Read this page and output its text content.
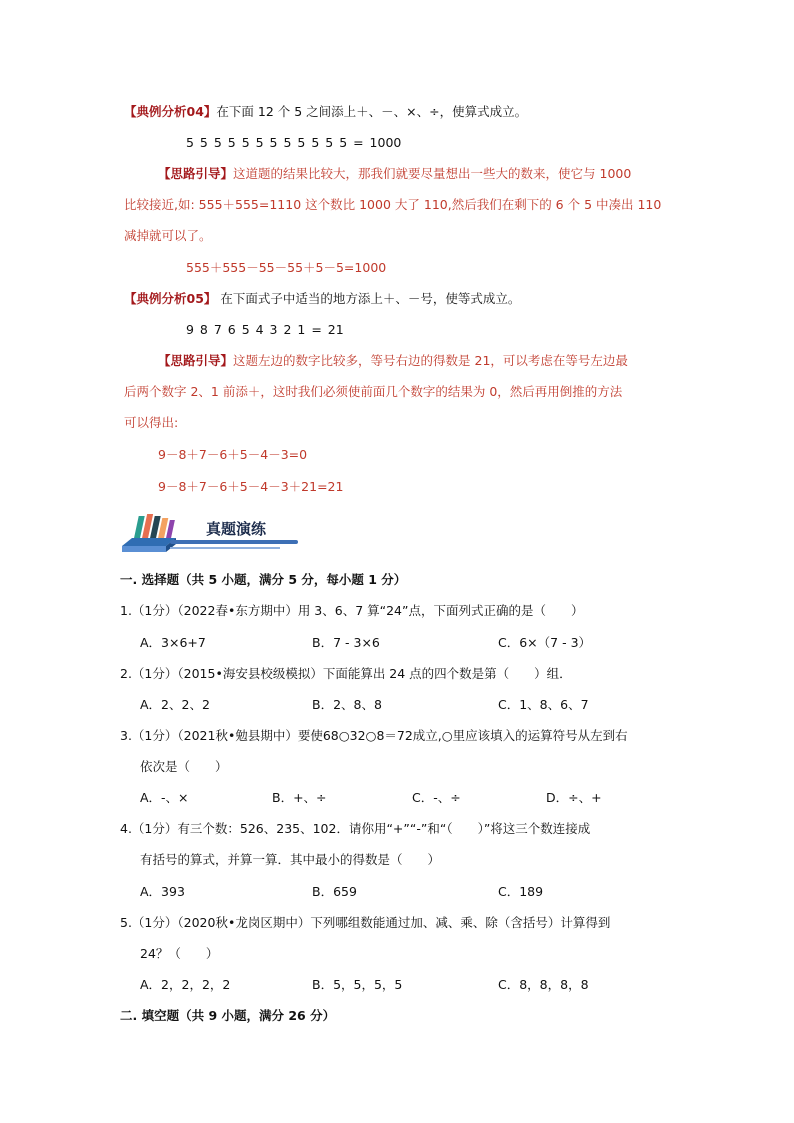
【典例分析04】在下面 12 个 5 之间添上＋、－、×、÷，使算式成立。
5 5 5 5 5 5 5 5 5 5 5 5 = 1000
【思路引导】这道题的结果比较大，那我们就要尽量想出一些大的数来，使它与 1000
比较接近,如: 555＋555=1110 这个数比 1000 大了 110,然后我们在剩下的 6 个 5 中凑出 110
减掉就可以了。
555＋555－55－55＋5－5=1000
【典例分析05】 在下面式子中适当的地方添上＋、－号，使等式成立。
9 8 7 6 5 4 3 2 1 = 21
【思路引导】这题左边的数字比较多，等号右边的得数是 21，可以考虑在等号左边最
后两个数字 2、1 前添＋，这时我们必须使前面几个数字的结果为 0，然后再用倒推的方法
可以得出:
9－8＋7－6＋5－4－3=0
9－8＋7－6＋5－4－3＋21=21
真题演练
一. 选择题（共 5 小题，满分 5 分，每小题 1 分）
1.（1分）（2022春•东方期中）用 3、6、7 算“24”点，下面列式正确的是（　　）
A．3×6+7	B．7 - 3×6	C．6×（7 - 3）
2.（1分）（2015•海安县校级模拟）下面能算出 24 点的四个数是第（　　）组．
A．2、2、2	B．2、8、8	C．1、8、6、7
3.（1分）（2021秋•勉县期中）要使68○32○8＝72成立,○里应该填入的运算符号从左到右
依次是（　　）
A．-、×	B．+、÷	C．-、÷	D．÷、+
4.（1分）有三个数：526、235、102．请你用“+”“-”和“（　　）”将这三个数连接成
有括号的算式，并算一算．其中最小的得数是（　　）
A．393	B．659	C．189
5.（1分）（2020秋•龙岗区期中）下列哪组数能通过加、减、乘、除（含括号）计算得到
24？（　　）
A．2，2，2，2	B．5，5，5，5	C．8，8，8，8
二. 填空题（共 9 小题，满分 26 分）
